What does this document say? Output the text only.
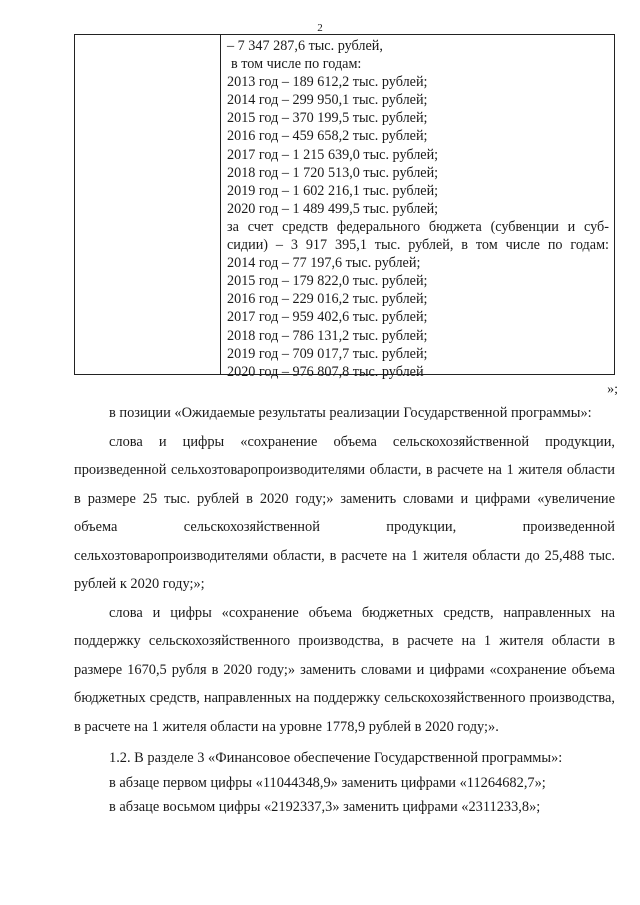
2
– 7 347 287,6 тыс. рублей,
в том числе по годам:
2013 год – 189 612,2 тыс. рублей;
2014 год – 299 950,1 тыс. рублей;
2015 год – 370 199,5 тыс. рублей;
2016 год – 459 658,2 тыс. рублей;
2017 год – 1 215 639,0 тыс. рублей;
2018 год – 1 720 513,0 тыс. рублей;
2019 год – 1 602 216,1 тыс. рублей;
2020 год – 1 489 499,5 тыс. рублей;
за счет средств федерального бюджета (субвенции и суб-
сидии) – 3 917 395,1 тыс. рублей, в том числе по годам:
2014 год – 77 197,6 тыс. рублей;
2015 год – 179 822,0 тыс. рублей;
2016 год – 229 016,2 тыс. рублей;
2017 год – 959 402,6 тыс. рублей;
2018 год – 786 131,2 тыс. рублей;
2019 год – 709 017,7 тыс. рублей;
2020 год – 976 807,8 тыс. рублей
»;
в позиции «Ожидаемые результаты реализации Государственной программы»:
слова и цифры «сохранение объема сельскохозяйственной продукции, произведенной сельхозтоваропроизводителями области, в расчете на 1 жителя области в размере 25 тыс. рублей в 2020 году;» заменить словами и цифрами «увеличение объема сельскохозяйственной продукции, произведенной сельхозтоваропроизводителями области, в расчете на 1 жителя области до 25,488 тыс. рублей к 2020 году;»;
слова и цифры «сохранение объема бюджетных средств, направленных на поддержку сельскохозяйственного производства, в расчете на 1 жителя области в размере 1670,5 рубля в 2020 году;» заменить словами и цифрами «сохранение объема бюджетных средств, направленных на поддержку сельскохозяйственного производства, в расчете на 1 жителя области на уровне 1778,9 рублей в 2020 году;».
1.2. В разделе 3 «Финансовое обеспечение Государственной программы»:
в абзаце первом цифры «11044348,9» заменить цифрами «11264682,7»;
в абзаце восьмом цифры «2192337,3» заменить цифрами «2311233,8»;
